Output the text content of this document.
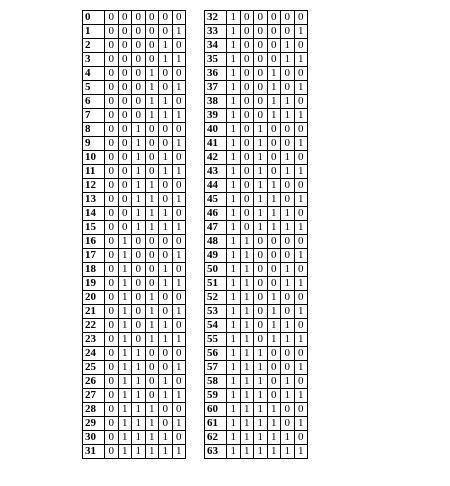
0	0	0	0	0	0	0
1	0	0	0	0	0	1
2	0	0	0	0	1	0
3	0	0	0	0	1	1
4	0	0	0	1	0	0
5	0	0	0	1	0	1
6	0	0	0	1	1	0
7	0	0	0	1	1	1
8	0	0	1	0	0	0
9	0	0	1	0	0	1
10	0	0	1	0	1	0
11	0	0	1	0	1	1
12	0	0	1	1	0	0
13	0	0	1	1	0	1
14	0	0	1	1	1	0
15	0	0	1	1	1	1
16	0	1	0	0	0	0
17	0	1	0	0	0	1
18	0	1	0	0	1	0
19	0	1	0	0	1	1
20	0	1	0	1	0	0
21	0	1	0	1	0	1
22	0	1	0	1	1	0
23	0	1	0	1	1	1
24	0	1	1	0	0	0
25	0	1	1	0	0	1
26	0	1	1	0	1	0
27	0	1	1	0	1	1
28	0	1	1	1	0	0
29	0	1	1	1	0	1
30	0	1	1	1	1	0
31	0	1	1	1	1	1
32	1	0	0	0	0	0
33	1	0	0	0	0	1
34	1	0	0	0	1	0
35	1	0	0	0	1	1
36	1	0	0	1	0	0
37	1	0	0	1	0	1
38	1	0	0	1	1	0
39	1	0	0	1	1	1
40	1	0	1	0	0	0
41	1	0	1	0	0	1
42	1	0	1	0	1	0
43	1	0	1	0	1	1
44	1	0	1	1	0	0
45	1	0	1	1	0	1
46	1	0	1	1	1	0
47	1	0	1	1	1	1
48	1	1	0	0	0	0
49	1	1	0	0	0	1
50	1	1	0	0	1	0
51	1	1	0	0	1	1
52	1	1	0	1	0	0
53	1	1	0	1	0	1
54	1	1	0	1	1	0
55	1	1	0	1	1	1
56	1	1	1	0	0	0
57	1	1	1	0	0	1
58	1	1	1	0	1	0
59	1	1	1	0	1	1
60	1	1	1	1	0	0
61	1	1	1	1	0	1
62	1	1	1	1	1	0
63	1	1	1	1	1	1
